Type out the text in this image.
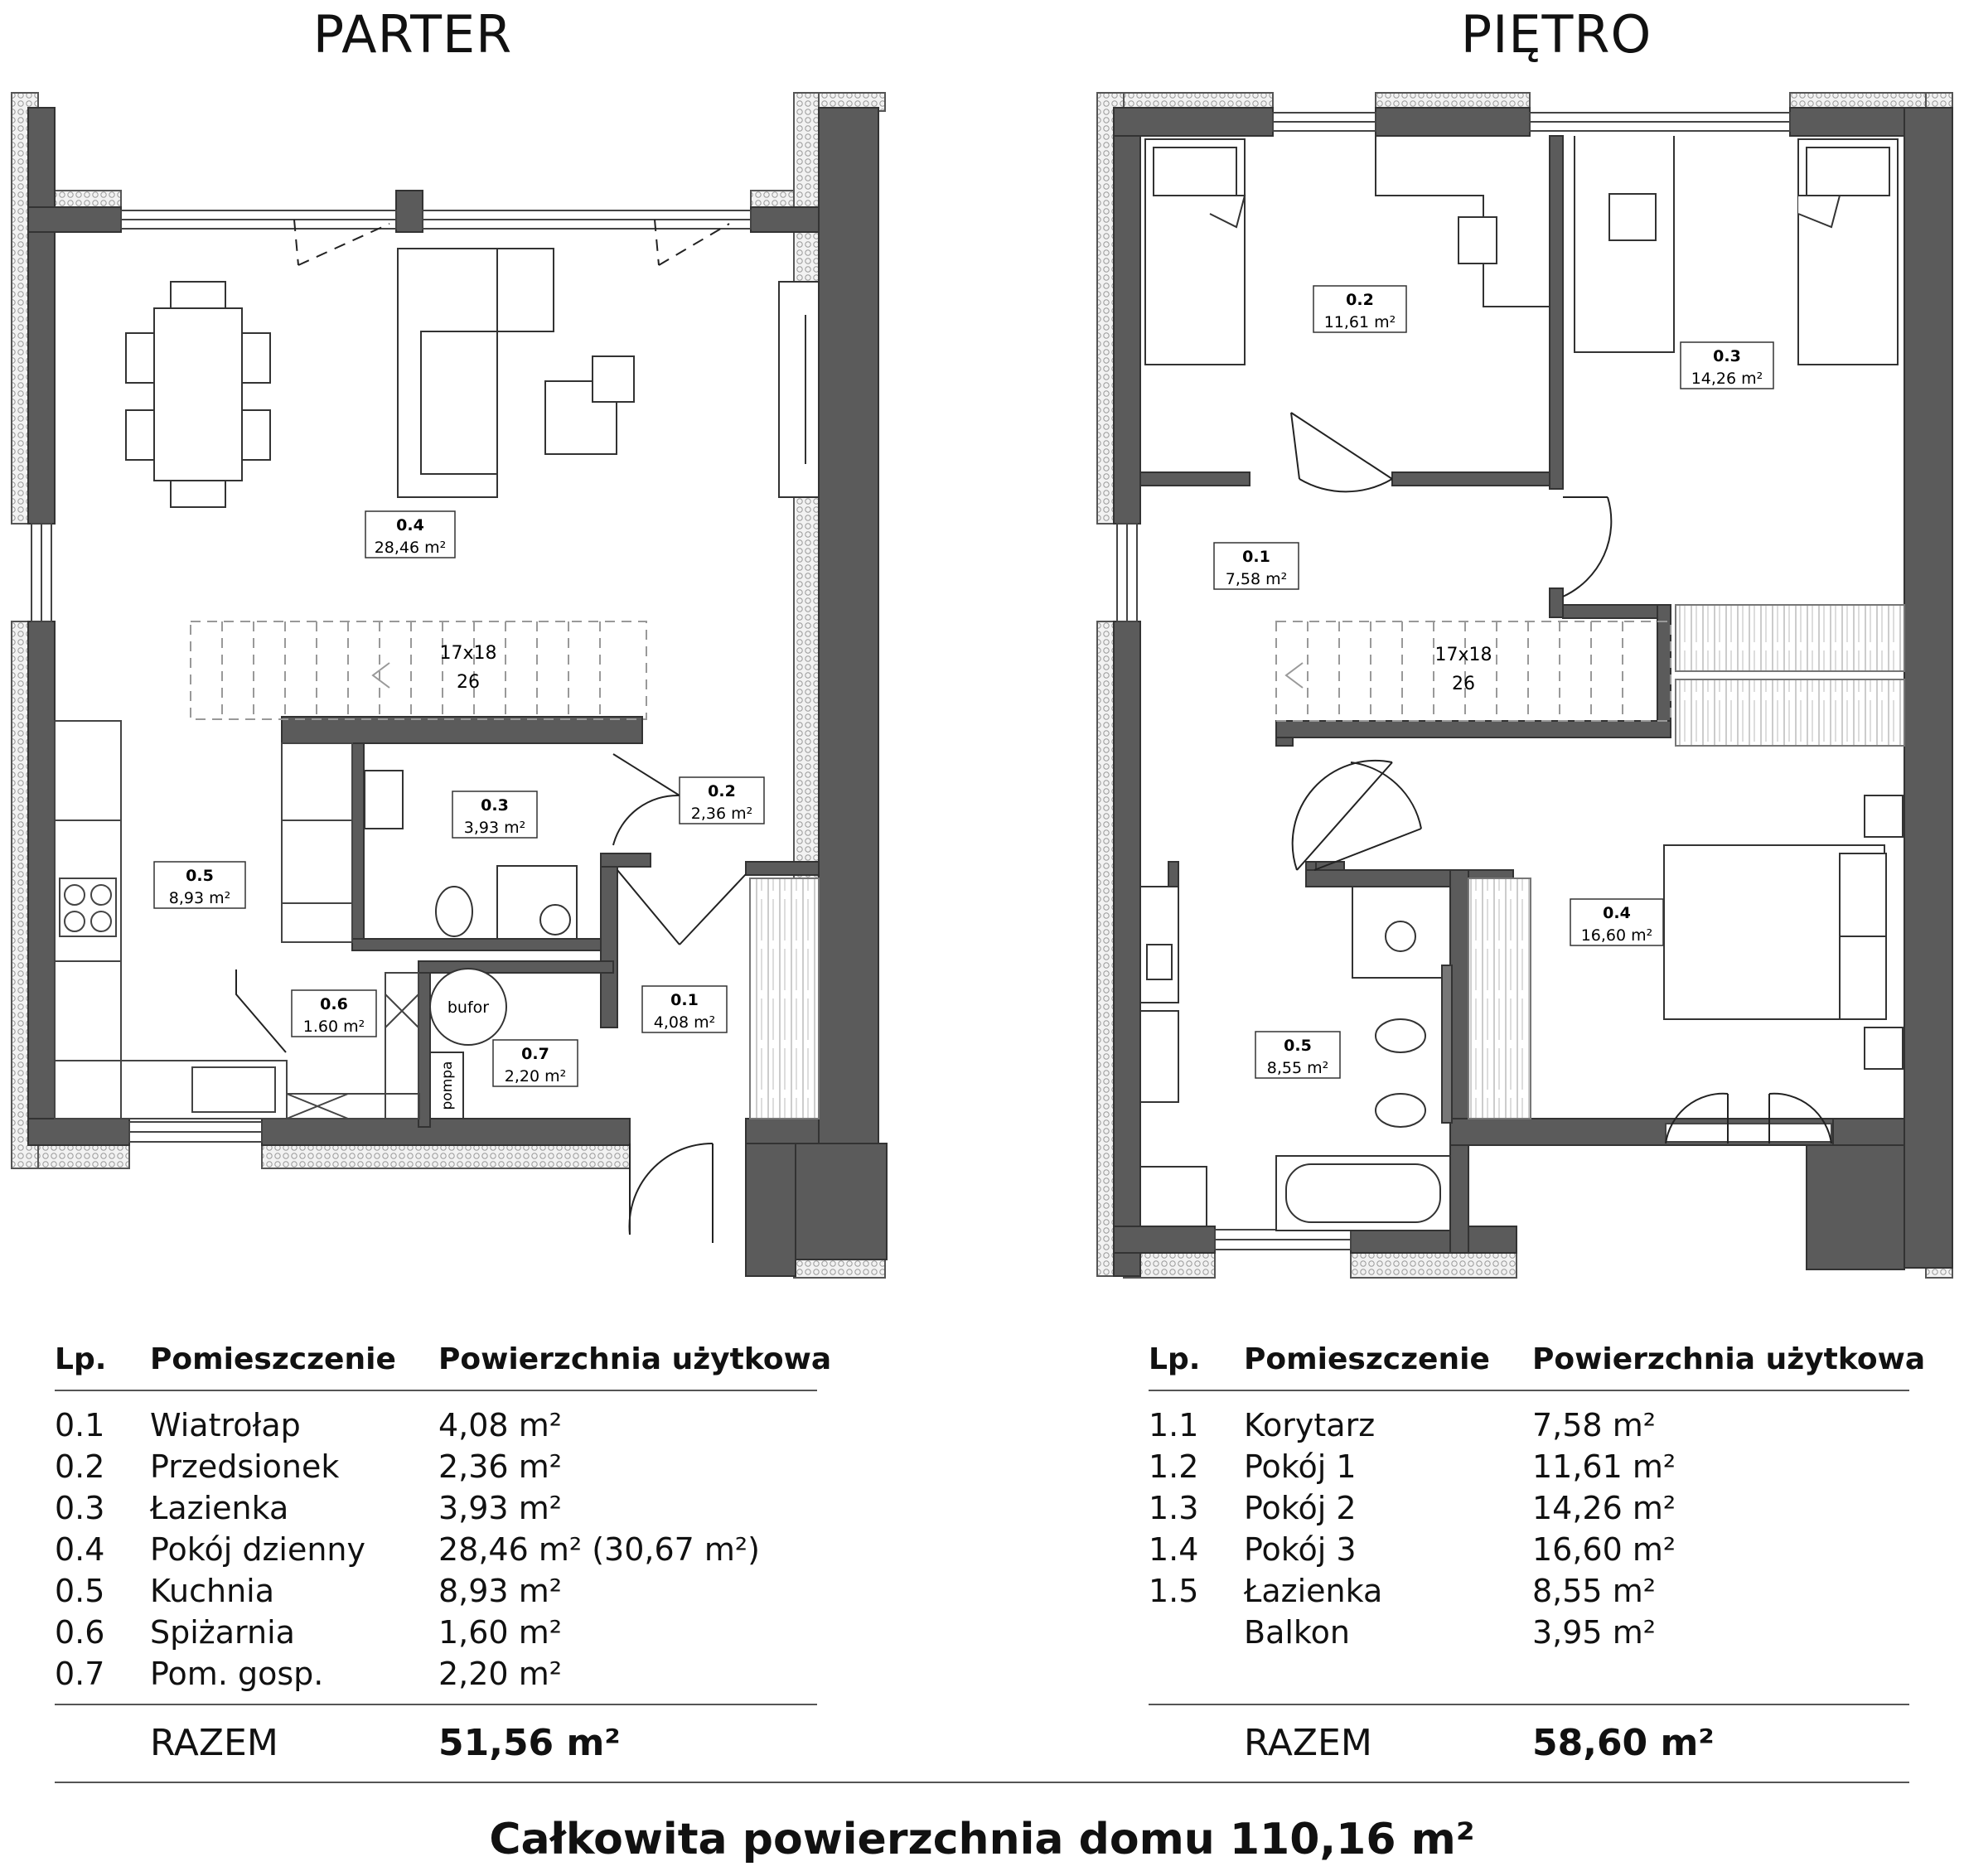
PARTER	PIĘTRO
0.4
28,46 m²
0.5
8,93 m²
0.3
3,93 m²
0.2
2,36 m²
0.6
1.60 m²
0.7
2,20 m²
0.1
4,08 m²
17x18
26
bufor
pompa
0.2
11,61 m²
0.3
14,26 m²
0.1
7,58 m²
0.4
16,60 m²
0.5
8,55 m²
17x18
26
Lp. Pomieszczenie Powierzchnia użytkowa
0.1 Wiatrołap	4,08 m²
0.2 Przedsionek	2,36 m²
0.3 Łazienka	3,93 m²
0.4 Pokój dzienny 28,46 m² (30,67 m²)
0.5 Kuchnia	8,93 m²
0.6 Spiżarnia	1,60 m²
0.7 Pom. gosp.	2,20 m²
RAZEM	51,56 m²
Lp. Pomieszczenie Powierzchnia użytkowa
1.1 Korytarz	7,58 m²
1.2 Pokój 1	11,61 m²
1.3 Pokój 2	14,26 m²
1.4 Pokój 3	16,60 m²
1.5 Łazienka	8,55 m²
Balkon	3,95 m²
RAZEM	58,60 m²
Całkowita powierzchnia domu 110,16 m²
